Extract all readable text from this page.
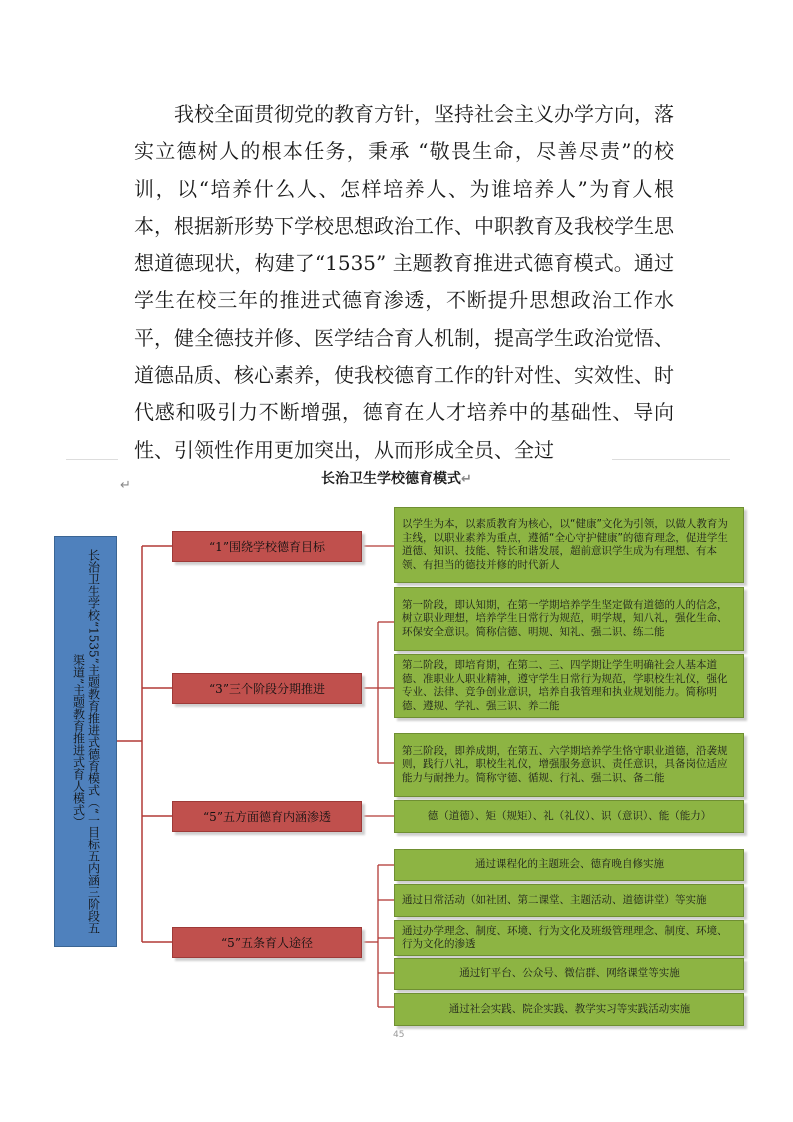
我校全面贯彻党的教育方针，坚持社会主义办学方向，落实立德树人的根本任务，秉承 “敬畏生命，尽善尽责”的校训，以“培养什么人、怎样培养人、为谁培养人”为育人根本，根据新形势下学校思想政治工作、中职教育及我校学生思想道德现状，构建了“1535” 主题教育推进式德育模式。通过学生在校三年的推进式德育渗透，不断提升思想政治工作水平，健全德技并修、医学结合育人机制，提高学生政治觉悟、道德品质、核心素养，使我校德育工作的针对性、实效性、时代感和吸引力不断增强，德育在人才培养中的基础性、导向性、引领性作用更加突出，从而形成全员、全过

↵	长治卫生学校德育模式↵
长治卫生学校“1535”主题教育推进式德育模式（“一目标五内涵三阶段五渠道”主题教育推进式育人模式）
“1”围绕学校德育目标
“3”三个阶段分期推进
“5”五方面德育内涵渗透
“5”五条育人途径
以学生为本，以素质教育为核心，以“健康”文化为引领，以做人教育为主线，以职业素养为重点，遵循“全心守护健康”的德育理念，促进学生道德、知识、技能、特长和谐发展，超前意识学生成为有理想、有本领、有担当的德技并修的时代新人
第一阶段，即认知期，在第一学期培养学生坚定做有道德的人的信念，树立职业理想，培养学生日常行为规范，明学规，知八礼，强化生命、环保安全意识。简称信德、明规、知礼、强二识、练二能
第二阶段，即培育期，在第二、三、四学期让学生明确社会人基本道德、准职业人职业精神，遵守学生日常行为规范，学职校生礼仪，强化专业、法律、竞争创业意识，培养自我管理和执业规划能力。简称明德、遵规、学礼、强三识、养二能
第三阶段，即养成期，在第五、六学期培养学生恪守职业道德，沿袭规则，践行八礼，职校生礼仪，增强服务意识、责任意识，具备岗位适应能力与耐挫力。简称守德、循规、行礼、强二识、备二能
德（道德）、矩（规矩）、礼（礼仪）、识（意识）、能（能力）
通过课程化的主题班会、德育晚自修实施
通过日常活动（如社团、第二课堂、主题活动、道德讲堂）等实施
通过办学理念、制度、环境、行为文化及班级管理理念、制度、环境、行为文化的渗透
通过钉平台、公众号、微信群、网络课堂等实施
通过社会实践、院企实践、教学实习等实践活动实施
45
